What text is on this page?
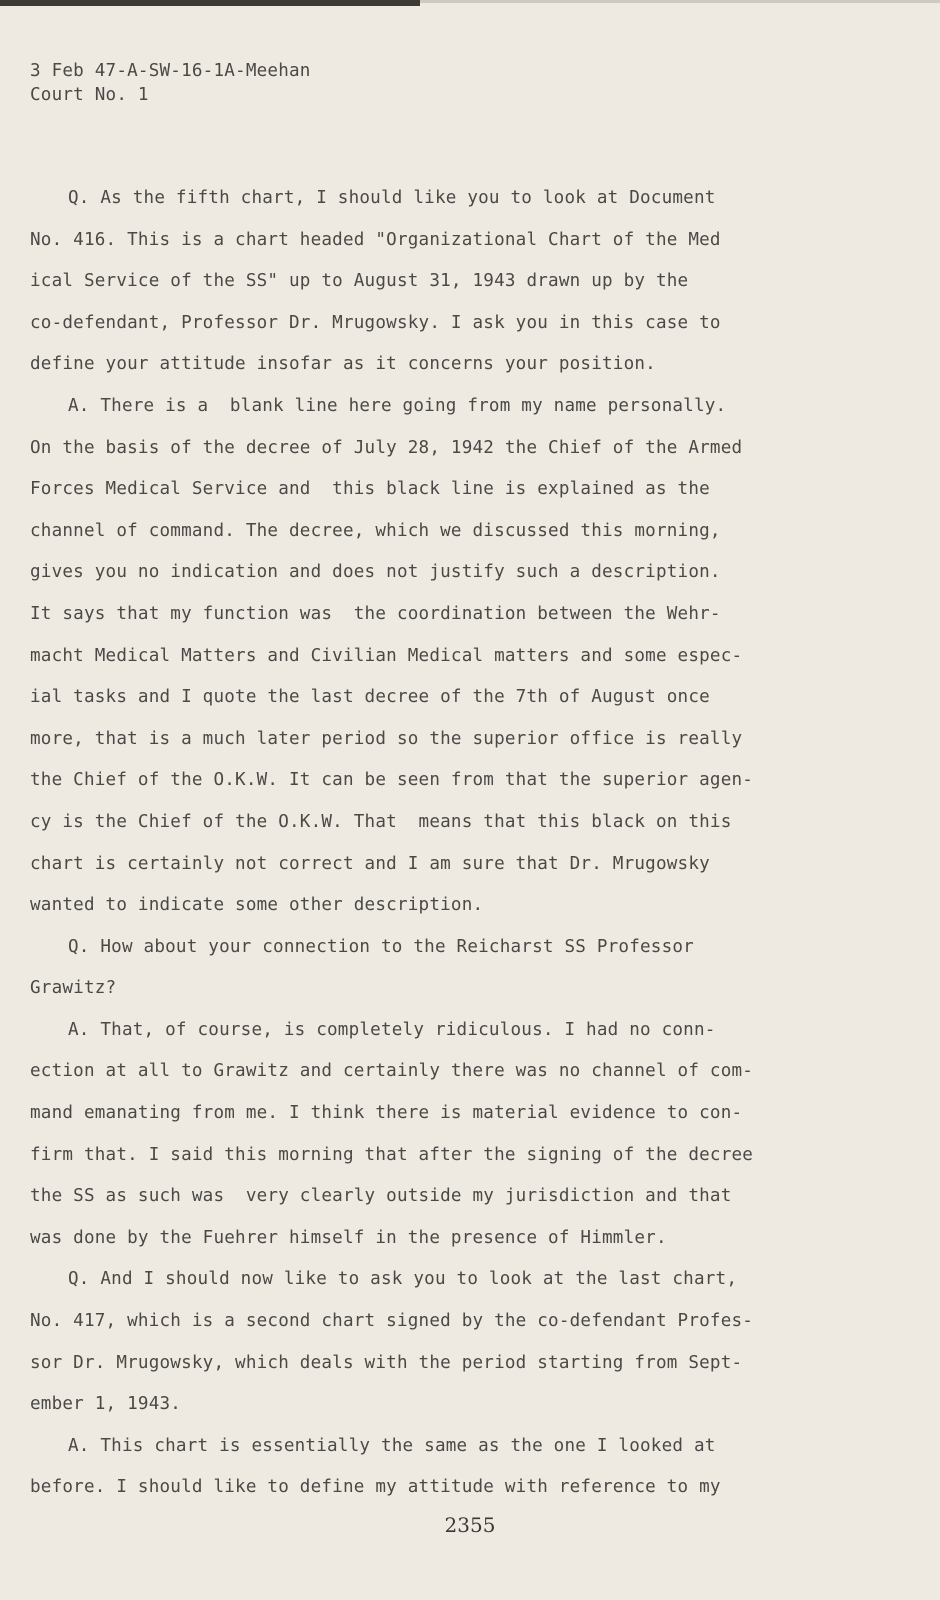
3 Feb 47-A-SW-16-1A-Meehan
Court No. 1
Q. As the fifth chart, I should like you to look at Document
No. 416. This is a chart headed "Organizational Chart of the Med
ical Service of the SS" up to August 31, 1943 drawn up by the
co-defendant, Professor Dr. Mrugowsky. I ask you in this case to
define your attitude insofar as it concerns your position.
A. There is a  blank line here going from my name personally.
On the basis of the decree of July 28, 1942 the Chief of the Armed
Forces Medical Service and  this black line is explained as the
channel of command. The decree, which we discussed this morning,
gives you no indication and does not justify such a description.
It says that my function was  the coordination between the Wehr-
macht Medical Matters and Civilian Medical matters and some espec-
ial tasks and I quote the last decree of the 7th of August once
more, that is a much later period so the superior office is really
the Chief of the O.K.W. It can be seen from that the superior agen-
cy is the Chief of the O.K.W. That  means that this black on this
chart is certainly not correct and I am sure that Dr. Mrugowsky
wanted to indicate some other description.
Q. How about your connection to the Reicharst SS Professor
Grawitz?
A. That, of course, is completely ridiculous. I had no conn-
ection at all to Grawitz and certainly there was no channel of com-
mand emanating from me. I think there is material evidence to con-
firm that. I said this morning that after the signing of the decree
the SS as such was  very clearly outside my jurisdiction and that
was done by the Fuehrer himself in the presence of Himmler.
Q. And I should now like to ask you to look at the last chart,
No. 417, which is a second chart signed by the co-defendant Profes-
sor Dr. Mrugowsky, which deals with the period starting from Sept-
ember 1, 1943.
A. This chart is essentially the same as the one I looked at
before. I should like to define my attitude with reference to my
2355
